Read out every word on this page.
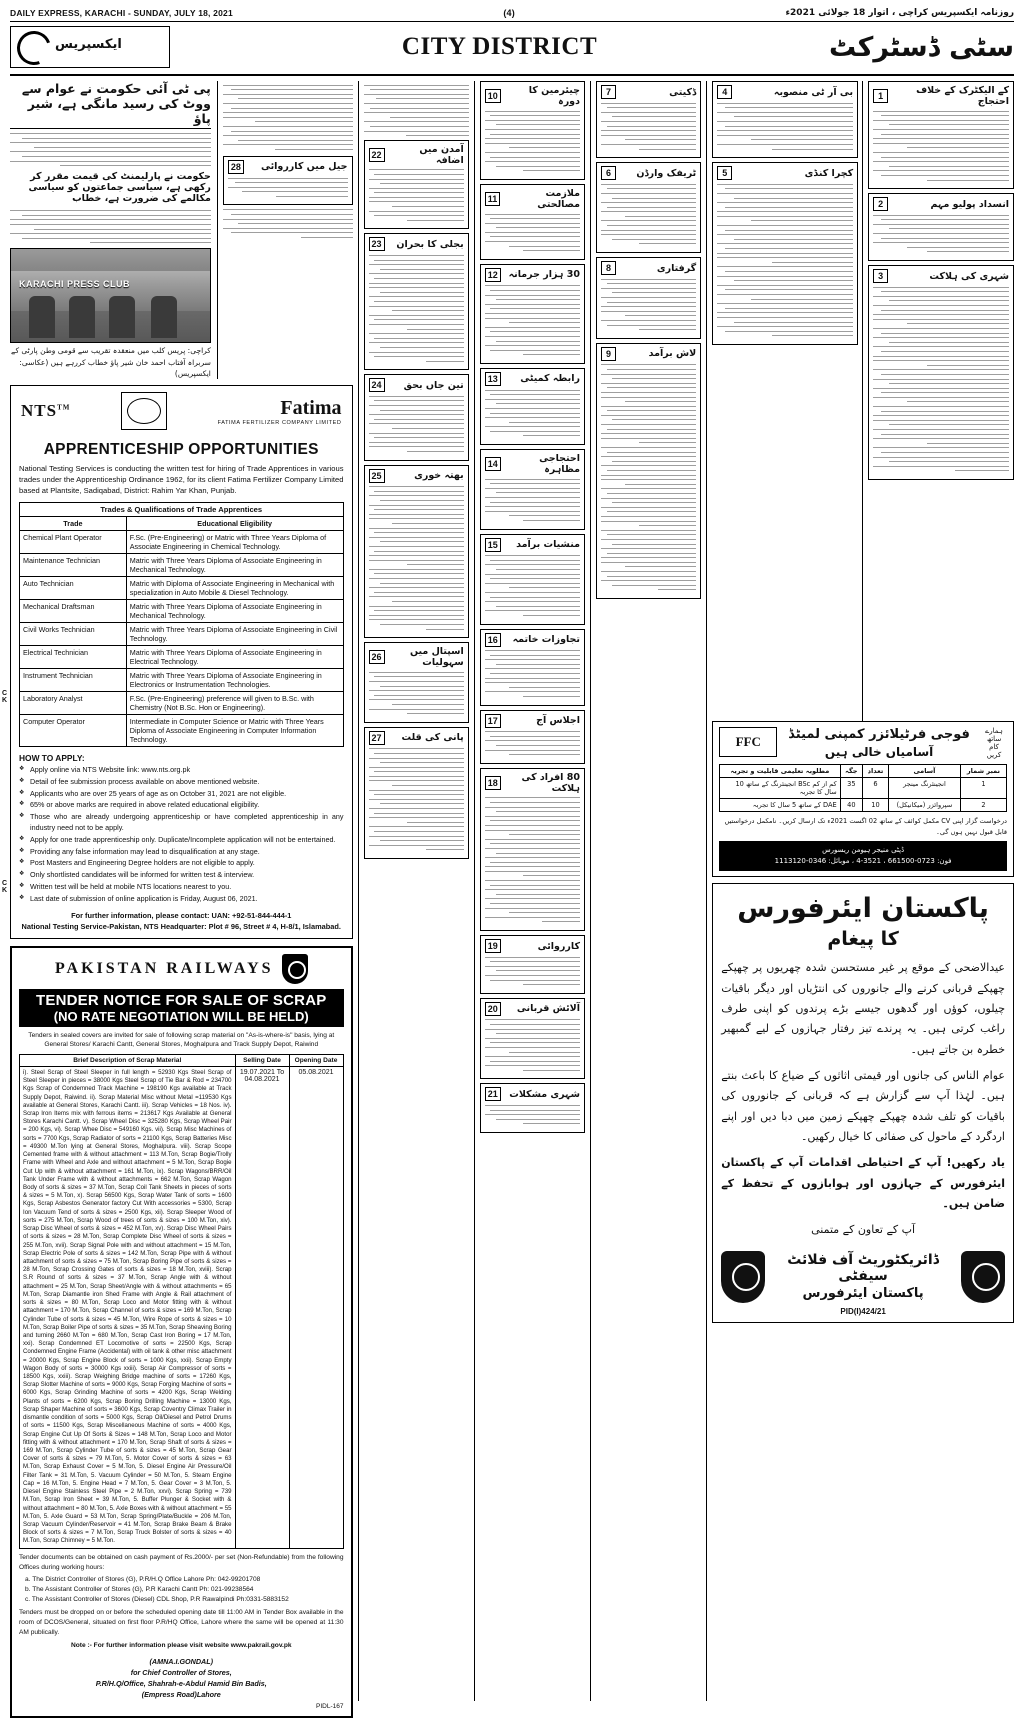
C
K
C
K
DAILY EXPRESS, KARACHI - SUNDAY, JULY 18, 2021	(4)	روزنامہ ایکسپریس کراچی ، اتوار 18 جولائی 2021ء
ایکسپریس	CITY DISTRICT	سٹی ڈسٹرکٹ
پی ٹی آئی حکومت نے عوام سے ووٹ کی رسید مانگی ہے، شیر پاؤ
حکومت نے پارلیمنٹ کی قیمت مقرر کر رکھی ہے، سیاسی جماعتوں کو سیاسی مکالمے کی ضرورت ہے، خطاب
KARACHI PRESS CLUB
کراچی: پریس کلب میں منعقدہ تقریب سے قومی وطن پارٹی کے سربراہ آفتاب احمد خان شیر پاؤ خطاب کررہے ہیں (عکاسی: ایکسپریس)
جیل میں کارروائی
28
NTS™	Fatima
FATIMA FERTILIZER COMPANY LIMITED
APPRENTICESHIP OPPORTUNITIES
National Testing Services is conducting the written test for hiring of Trade Apprentices in various trades under the Apprenticeship Ordinance 1962, for its client Fatima Fertilizer Company Limited based at Plantsite, Sadiqabad, District: Rahim Yar Khan, Punjab.
Trades & Qualifications of Trade Apprentices	
Trade	Educational Eligibility
Chemical Plant Operator	F.Sc. (Pre-Engineering) or Matric with Three Years Diploma of Associate Engineering in Chemical Technology.
Maintenance Technician	Matric with Three Years Diploma of Associate Engineering in Mechanical Technology.
Auto Technician	Matric with Diploma of Associate Engineering in Mechanical with specialization in Auto Mobile & Diesel Technology.
Mechanical Draftsman	Matric with Three Years Diploma of Associate Engineering in Mechanical Technology.
Civil Works Technician	Matric with Three Years Diploma of Associate Engineering in Civil Technology.
Electrical Technician	Matric with Three Years Diploma of Associate Engineering in Electrical Technology.
Instrument Technician	Matric with Three Years Diploma of Associate Engineering in Electronics or Instrumentation Technologies.
Laboratory Analyst	F.Sc. (Pre-Engineering) preference will given to B.Sc. with Chemistry (Not B.Sc. Hon or Engineering).
Computer Operator	Intermediate in Computer Science or Matric with Three Years Diploma of Associate Engineering in Computer Information Technology.
HOW TO APPLY:
❖ Apply online via NTS Website link: www.nts.org.pk
❖ Detail of fee submission process available on above mentioned website.
❖ Applicants who are over 25 years of age as on October 31, 2021 are not eligible.
❖ 65% or above marks are required in above related educational eligibility.
❖ Those who are already undergoing apprenticeship or have completed apprenticeship in any industry need not to be apply.
❖ Apply for one trade apprenticeship only. Duplicate/Incomplete application will not be entertained.
❖ Providing any false information may lead to disqualification at any stage.
❖ Post Masters and Engineering Degree holders are not eligible to apply.
❖ Only shortlisted candidates will be informed for written test & interview.
❖ Written test will be held at mobile NTS locations nearest to you.
❖ Last date of submission of online application is Friday, August 06, 2021.
For further information, please contact: UAN: +92-51-844-444-1
National Testing Service-Pakistan, NTS Headquarter: Plot # 96, Street # 4, H-8/1, Islamabad.
PAKISTAN RAILWAYS
TENDER NOTICE FOR SALE OF SCRAP
(NO RATE NEGOTIATION WILL BE HELD)
Tenders in sealed covers are invited for sale of following scrap material on "As-is-where-is" basis, lying at General Stores/ Karachi Cantt, General Stores, Moghalpura and Track Supply Depot, Raiwind
Brief Description of Scrap Material	Selling Date	Opening Date
i). Steel Scrap of Steel Sleeper in full length = 52930 Kgs Steel Scrap of Steel Sleeper in pieces = 38000 Kgs Steel Scrap of Tie Bar & Rod = 234700 Kgs Scrap of Condemned Track Machine = 198190 Kgs available at Track Supply Depot, Raiwind. ii). Scrap Material Misc without Metal =119530 Kgs available at General Stores, Karachi Cantt. iii). Scrap Vehicles = 18 Nos. iv). Scrap Iron Items mix with ferrous items = 213617 Kgs Available at General Stores Karachi Cantt. v). Scrap Wheel Disc = 325280 Kgs, Scrap Wheel Pair = 200 Kgs, vi). Scrap Whee Disc = 549160 Kgs. vii). Scrap Misc Machines of sorts = 7700 Kgs, Scrap Radiator of sorts = 21100 Kgs, Scrap Batteries Misc = 49300 M.Ton lying at General Stores, Moghalpura. viii). Scrap Scope Cemented frame with & without attachment = 113 M.Ton, Scrap Bogie/Trolly Frame with Wheel and Axle and without attachment = 5 M.Ton, Scrap Bogie Cut Up with & without attachment = 161 M.Ton, ix). Scrap Wagons/BRR/Oil Tank Under Frame with & without attachments = 662 M.Ton, Scrap Wagon Body of sorts & sizes = 37 M.Ton, Scrap Coil Tank Sheets in pieces of sorts & sizes = 5 M.Ton, x). Scrap 56500 Kgs, Scrap Water Tank of sorts = 1600 Kgs, Scrap Asbestos Generator factory Cut With accessories = 5300, Scrap Ion Vacuum Tend of sorts & sizes = 2500 Kgs, xii). Scrap Sleeper Wood of sorts = 275 M.Ton, Scrap Wood of trees of sorts & sizes = 100 M.Ton, xiv). Scrap Disc Wheel of sorts & sizes = 452 M.Ton, xv). Scrap Disc Wheel Pairs of sorts & sizes = 28 M.Ton, Scrap Complete Disc Wheel of sorts & sizes = 255 M.Ton, xvii). Scrap Signal Pole with and without attachment = 15 M.Ton, Scrap Electric Pole of sorts & sizes = 142 M.Ton, Scrap Pipe with & without attachment of sorts & sizes = 75 M.Ton, Scrap Boring Pipe of sorts & sizes = 28 M.Ton, Scrap Crossing Gates of sorts & sizes = 18 M.Ton, xviii). Scrap S.R Round of sorts & sizes = 37 M.Ton, Scrap Angle with & without attachment = 25 M.Ton, Scrap Sheet/Angle with & without attachments = 65 M.Ton, Scrap Diamantle iron Shed Frame with Angle & Rail attachment of sorts & sizes = 80 M.Ton, Scrap Loco and Motor fitting with & without attachment = 170 M.Ton, Scrap Channel of sorts & sizes = 169 M.Ton, Scrap Cylinder Tube of sorts & sizes = 45 M.Ton, Wire Rope of sorts & sizes = 10 M.Ton, Scrap Boiler Pipe of sorts & sizes = 35 M.Ton, Scrap Sheaving Boring and turning 2660 M.Ton = 680 M.Ton, Scrap Cast Iron Boring = 17 M.Ton, xxi). Scrap Condemned ET Locomotive of sorts = 22500 Kgs, Scrap Condemned Engine Frame (Accidental) with oil tank & other misc attachment = 20000 Kgs, Scrap Engine Block of sorts = 1000 Kgs, xxii). Scrap Empty Wagon Body of sorts = 30000 Kgs xxiii). Scrap Air Compressor of sorts = 18500 Kgs, xxiii). Scrap Weighing Bridge machine of sorts = 17260 Kgs, Scrap Slotter Machine of sorts = 9000 Kgs, Scrap Forging Machine of sorts = 6000 Kgs, Scrap Grinding Machine of sorts = 4200 Kgs, Scrap Welding Plants of sorts = 6200 Kgs, Scrap Boring Drilling Machine = 13000 Kgs, Scrap Shaper Machine of sorts = 3600 Kgs, Scrap Coventry Climax Trailer in dismantle condition of sorts = 5000 Kgs, Scrap Oil/Diesel and Petrol Drums of sorts = 11500 Kgs, Scrap Miscellaneous Machine of sorts = 4000 Kgs, Scrap Engine Cut Up Of Sorts & Sizes = 148 M.Ton, Scrap Loco and Motor fitting with & without attachment = 170 M.Ton, Scrap Shaft of sorts & sizes = 169 M.Ton, Scrap Cylinder Tube of sorts & sizes = 45 M.Ton, Scrap Gear Cover of sorts & sizes = 79 M.Ton, 5. Motor Cover of sorts & sizes = 63 M.Ton, Scrap Exhaust Cover = 5 M.Ton, 5. Diesel Engine Air Pressure/Oil Filter Tank = 31 M.Ton, 5. Vacuum Cylinder = 50 M.Ton, 5. Steam Engine Cap = 16 M.Ton, 5. Engine Head = 7 M.Ton, 5. Gear Cover = 3 M.Ton, 5. Diesel Engine Stainless Steel Pipe = 2 M.Ton, xxvi). Scrap Spring = 739 M.Ton, Scrap Iron Sheet = 39 M.Ton, 5. Buffer Plunger & Socket with & without attachment = 80 M.Ton, 5. Axle Boxes with & without attachment = 55 M.Ton, 5. Axle Guard = 53 M.Ton, Scrap Spring/Plate/Buckle = 206 M.Ton, Scrap Vacuum Cylinder/Reservoir = 41 M.Ton, Scrap Brake Beam & Brake Block of sorts & sizes = 7 M.Ton, Scrap Truck Bolster of sorts & sizes = 40 M.Ton, Scrap Chimney = 5 M.Ton.	19.07.2021 To 04.08.2021	05.08.2021
Tender documents can be obtained on cash payment of Rs.2000/- per set (Non-Refundable) from the following Offices during working hours:
a. The District Controller of Stores (G), P.R/H.Q Office Lahore Ph: 042-99201708
b. The Assistant Controller of Stores (G), P.R Karachi Cantt Ph: 021-99238564
c. The Assistant Controller of Stores (Diesel) CDL Shop, P.R Rawalpindi Ph:0331-5883152
Tenders must be dropped on or before the scheduled opening date till 11:00 AM in Tender Box available in the room of DCOS/General, situated on first floor P.R/HQ Office, Lahore where the same will be opened at 11:30 AM publically.
Note :- For further information please visit website www.pakrail.gov.pk
(AMNA.I.GONDAL)
for Chief Controller of Stores,
P.R/H.Q/Office, Shahrah-e-Abdul Hamid Bin Badis,
(Empress Road)Lahore
PIDL-167
آمدن میں اضافہ
22
بجلی کا بحران
23
تین جاں بحق
24
بھتہ خوری
25
اسپتال میں سہولیات
26
پانی کی قلت
27
چیئرمین کا دورہ
10
ملازمت مصالحتی
11
30 ہزار جرمانہ
12
رابطہ کمیٹی
13
احتجاجی مظاہرہ
14
منشیات برآمد
15
تجاوزات خاتمہ
16
اجلاس آج
17
80 افراد کی ہلاکت
18
کارروائی
19
آلائش قربانی
20
شہری مشکلات
21
ڈکیتی
7
ٹریفک وارڈن
6
گرفتاری
8
لاش برآمد
9
بی آر ٹی منصوبہ
4
کچرا کنڈی
5
کے الیکٹرک کے خلاف احتجاج
1
انسداد پولیو مہم
2
شہری کی ہلاکت
3
FFC	فوجی فرٹیلائزر کمپنی لمیٹڈ
آسامیاں خالی ہیں
ہمارے ساتھ کام کریں
نمبر شمار	آسامی	تعداد	جگہ	مطلوبہ تعلیمی قابلیت و تجربہ
1	انجینئرنگ مینجر	6	35	کم از کم BSc انجینئرنگ کے ساتھ 10 سال کا تجربہ
2	سپروائزر (میکانیکل)	10	40	DAE کے ساتھ 5 سال کا تجربہ
درخواست گزار اپنی CV مکمل کوائف کے ساتھ 02 اگست 2021ء تک ارسال کریں۔ نامکمل درخواستیں قابل قبول نہیں ہوں گی۔
ڈپٹی منیجر ہیومن ریسورس
فون: 0723-661500 ، 3521-4 ، موبائل: 0346-1113120
پاکستان ایئرفورس
کا پیغام

عیدالاضحی کے موقع پر غیر مستحسن شدہ چھریوں پر چھپکے چھپکے قربانی کرنے والے جانوروں کی انتڑیاں اور دیگر باقیات چیلوں، کوؤں اور گدھوں جیسے بڑے پرندوں کو اپنی طرف راغب کرتی ہیں۔ یہ پرندے تیز رفتار جہازوں کے لیے گمبھیر خطرہ بن جاتے ہیں۔

عوام الناس کی جانوں اور قیمتی اثاثوں کے ضیاع کا باعث بنتے ہیں۔ لہٰذا آپ سے گزارش ہے کہ قربانی کے جانوروں کی باقیات کو تلف شدہ چھپکے چھپکے زمین میں دبا دیں اور اپنے اردگرد کے ماحول کی صفائی کا خیال رکھیں۔

یاد رکھیں! آپ کے احتیاطی اقدامات آپ کے پاکستان ایئرفورس کے جہازوں اور ہوابازوں کے تحفظ کے ضامن ہیں۔

آپ کے تعاون کے متمنی

ڈائریکٹوریٹ آف فلائٹ سیفٹی
پاکستان ایئرفورس
PID(I)424/21
